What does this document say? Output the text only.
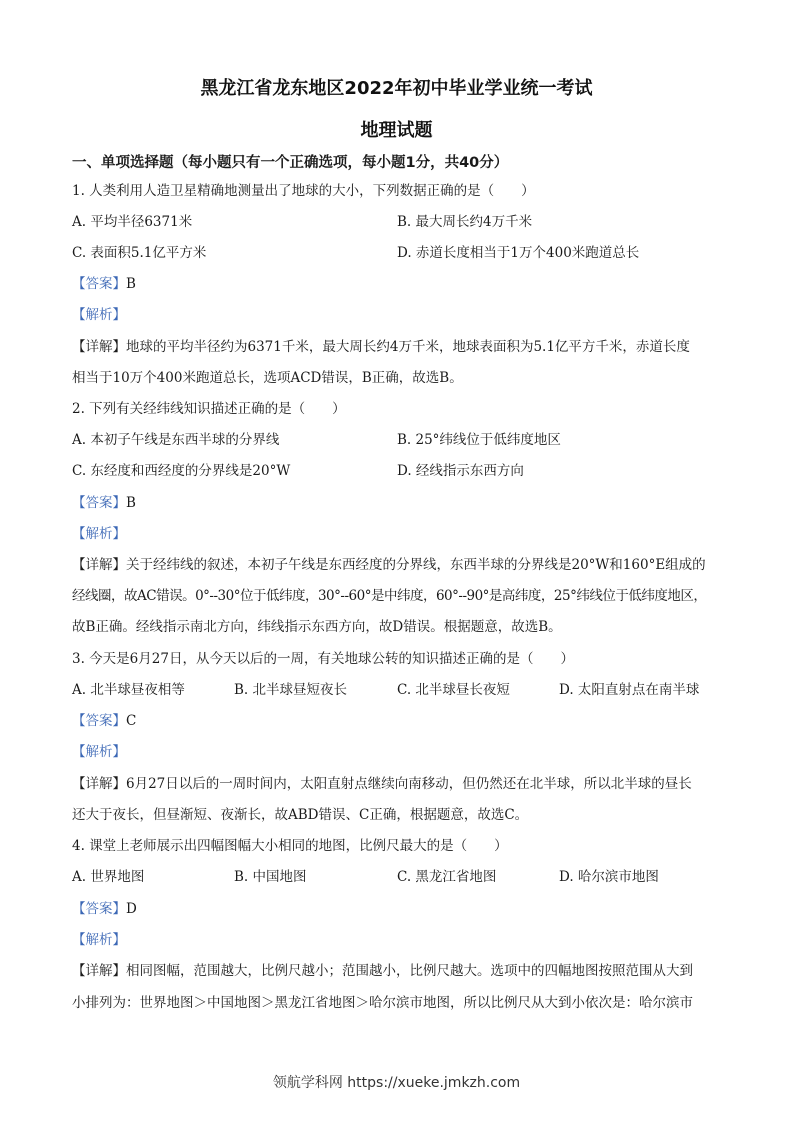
黑龙江省龙东地区2022年初中毕业学业统一考试
地理试题
一、单项选择题（每小题只有一个正确选项，每小题1分，共40分）
1. 人类利用人造卫星精确地测量出了地球的大小，下列数据正确的是（　　）
A. 平均半径6371米	B. 最大周长约4万千米
C. 表面积5.1亿平方米	D. 赤道长度相当于1万个400米跑道总长
【答案】B
【解析】
【详解】地球的平均半径约为6371千米，最大周长约4万千米，地球表面积为5.1亿平方千米，赤道长度
相当于10万个400米跑道总长，选项ACD错误，B正确，故选B。
2. 下列有关经纬线知识描述正确的是（　　）
A. 本初子午线是东西半球的分界线	B. 25°纬线位于低纬度地区
C. 东经度和西经度的分界线是20°W	D. 经线指示东西方向
【答案】B
【解析】
【详解】关于经纬线的叙述，本初子午线是东西经度的分界线，东西半球的分界线是20°W和160°E组成的
经线圈，故AC错误。0°--30°位于低纬度，30°--60°是中纬度，60°--90°是高纬度，25°纬线位于低纬度地区，
故B正确。经线指示南北方向，纬线指示东西方向，故D错误。根据题意，故选B。
3. 今天是6月27日，从今天以后的一周，有关地球公转的知识描述正确的是（　　）
A. 北半球昼夜相等	B. 北半球昼短夜长	C. 北半球昼长夜短	D. 太阳直射点在南半球
【答案】C
【解析】
【详解】6月27日以后的一周时间内，太阳直射点继续向南移动，但仍然还在北半球，所以北半球的昼长
还大于夜长，但昼渐短、夜渐长，故ABD错误、C正确，根据题意，故选C。
4. 课堂上老师展示出四幅图幅大小相同的地图，比例尺最大的是（　　）
A. 世界地图	B. 中国地图	C. 黑龙江省地图	D. 哈尔滨市地图
【答案】D
【解析】
【详解】相同图幅，范围越大，比例尺越小；范围越小，比例尺越大。选项中的四幅地图按照范围从大到
小排列为：世界地图＞中国地图＞黑龙江省地图＞哈尔滨市地图，所以比例尺从大到小依次是：哈尔滨市
领航学科网 https://xueke.jmkzh.com
